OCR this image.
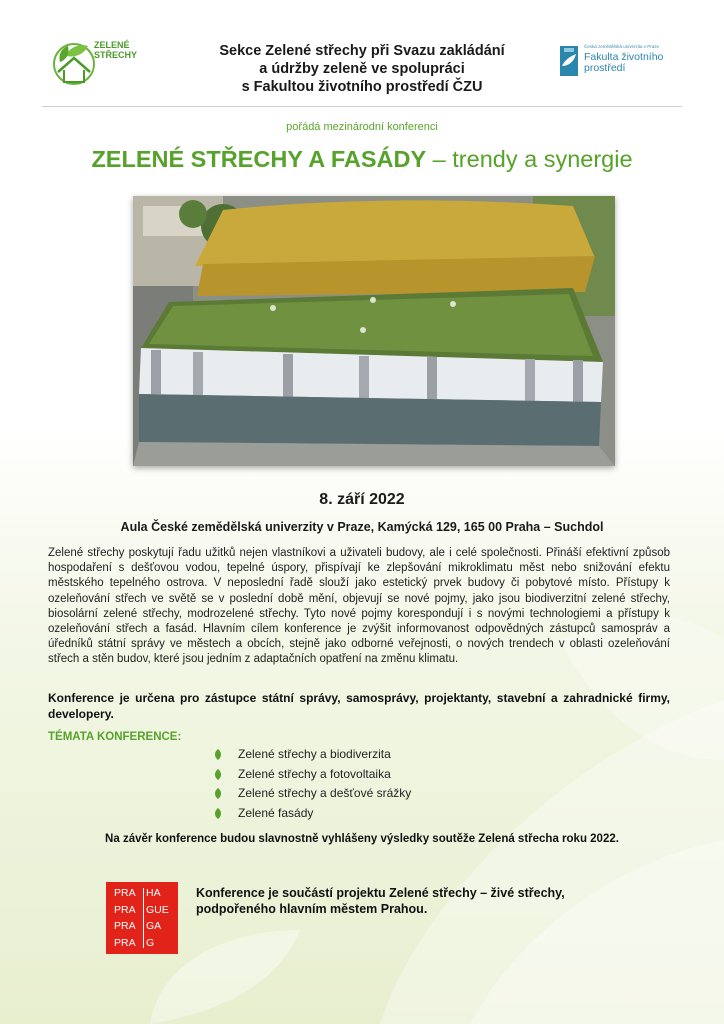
ZELENÉ STŘECHY	Sekce Zelené střechy při Svazu zakládání
a údržby zeleně ve spolupráci
s Fakultou životního prostředí ČZU
Česká zemědělská univerzita v Praze
Fakulta životního prostředí
pořádá mezinárodní konferenci
ZELENÉ STŘECHY A FASÁDY – trendy a synergie
8. září 2022
Aula České zemědělská univerzity v Praze, Kamýcká 129, 165 00 Praha – Suchdol
Zelené střechy poskytují řadu užitků nejen vlastníkovi a uživateli budovy, ale i celé společnosti. Přináší efektivní způsob hospodaření s dešťovou vodou, tepelné úspory, přispívají ke zlepšování mikroklimatu měst nebo snižování efektu městského tepelného ostrova. V neposlední řadě slouží jako estetický prvek budovy či pobytové místo. Přístupy k ozeleňování střech ve světě se v poslední době mění, objevují se nové pojmy, jako jsou biodiverzitní zelené střechy, biosolární zelené střechy, modrozelené střechy. Tyto nové pojmy korespondují i s novými technologiemi a přístupy k ozeleňování střech a fasád. Hlavním cílem konference je zvýšit informovanost odpovědných zástupců samospráv a úředníků státní správy ve městech a obcích, stejně jako odborné veřejnosti, o nových trendech v oblasti ozeleňování střech a stěn budov, které jsou jedním z adaptačních opatření na změnu klimatu.
Konference je určena pro zástupce státní správy, samosprávy, projektanty, stavební a zahradnické firmy, developery.
TÉMATA KONFERENCE:
Zelené střechy a biodiverzita
Zelené střechy a fotovoltaika
Zelené střechy a dešťové srážky
Zelené fasády
Na závěr konference budou slavnostně vyhlášeny výsledky soutěže Zelená střecha roku 2022.
PRA HA
PRA GUE
PRA GA
PRA G
Konference je součástí projektu Zelené střechy – živé střechy,
podpořeného hlavním městem Prahou.
